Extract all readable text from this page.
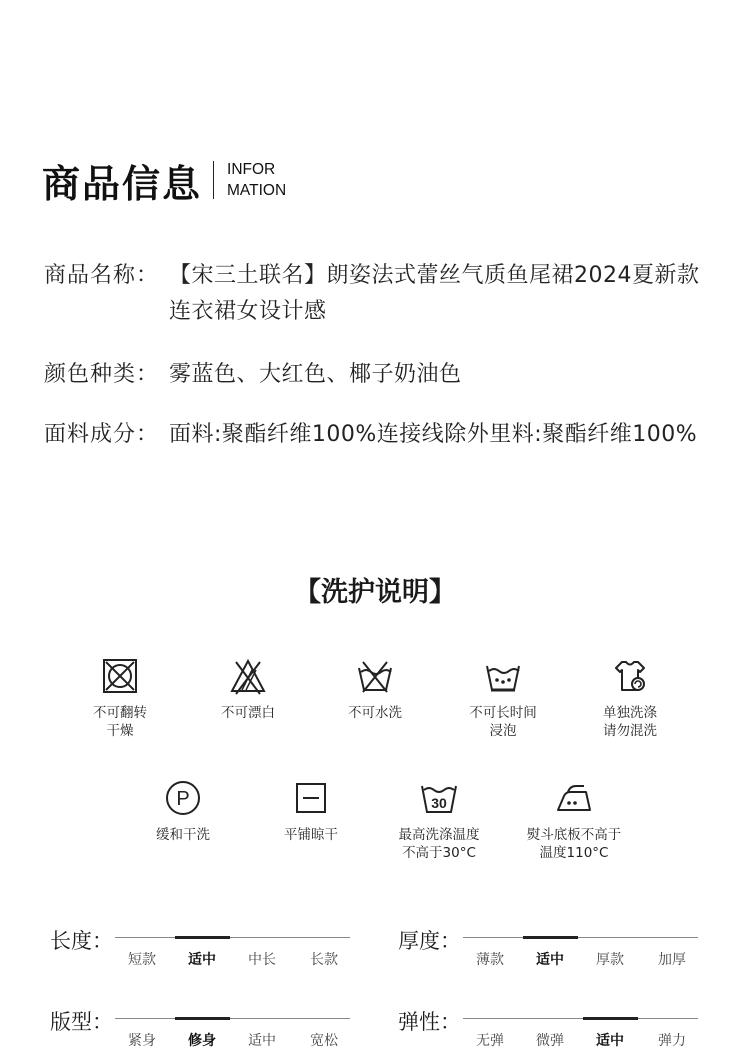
商品信息 INFOR
MATION
商品名称： 【宋三土联名】朗姿法式蕾丝气质鱼尾裙2024夏新款连衣裙女设计感
颜色种类： 雾蓝色、大红色、椰子奶油色
面料成分： 面料:聚酯纤维100%连接线除外里料:聚酯纤维100%
【洗护说明】
不可翻转
干燥
不可漂白	不可水洗	不可长时间
浸泡
单独洗涤
请勿混洗
P
缓和干洗	平铺晾干
30
最高洗涤温度
不高于30°C
熨斗底板不高于
温度110°C
长度：
短款	适中	中长	长款
厚度：
薄款	适中	厚款	加厚
版型：
紧身	修身	适中	宽松
弹性：
无弹	微弹	适中	弹力
